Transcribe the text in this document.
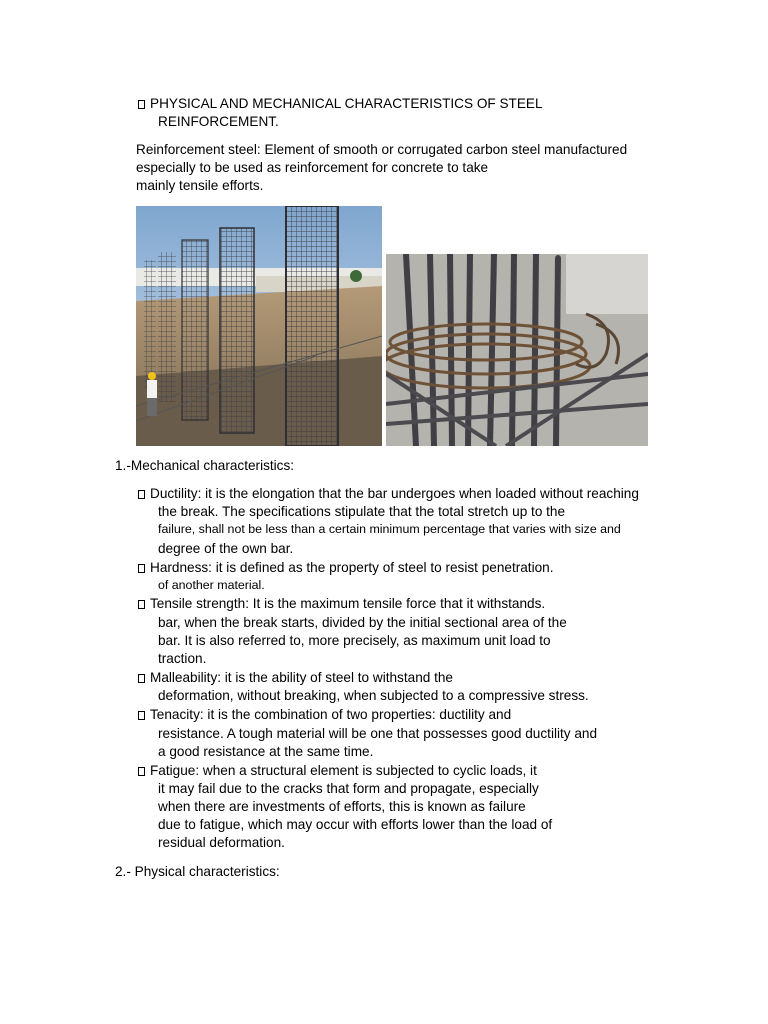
PHYSICAL AND MECHANICAL CHARACTERISTICS OF STEEL
REINFORCEMENT.
Reinforcement steel: Element of smooth or corrugated carbon steel manufactured
especially to be used as reinforcement for concrete to take
mainly tensile efforts.
1.-Mechanical characteristics:
Ductility: it is the elongation that the bar undergoes when loaded without reaching
the break. The specifications stipulate that the total stretch up to the
failure, shall not be less than a certain minimum percentage that varies with size and
degree of the own bar.
Hardness: it is defined as the property of steel to resist penetration.
of another material.
Tensile strength: It is the maximum tensile force that it withstands.
bar, when the break starts, divided by the initial sectional area of the
bar. It is also referred to, more precisely, as maximum unit load to
traction.
Malleability: it is the ability of steel to withstand the
deformation, without breaking, when subjected to a compressive stress.
Tenacity: it is the combination of two properties: ductility and
resistance. A tough material will be one that possesses good ductility and
a good resistance at the same time.
Fatigue: when a structural element is subjected to cyclic loads, it
it may fail due to the cracks that form and propagate, especially
when there are investments of efforts, this is known as failure
due to fatigue, which may occur with efforts lower than the load of
residual deformation.
2.- Physical characteristics:
